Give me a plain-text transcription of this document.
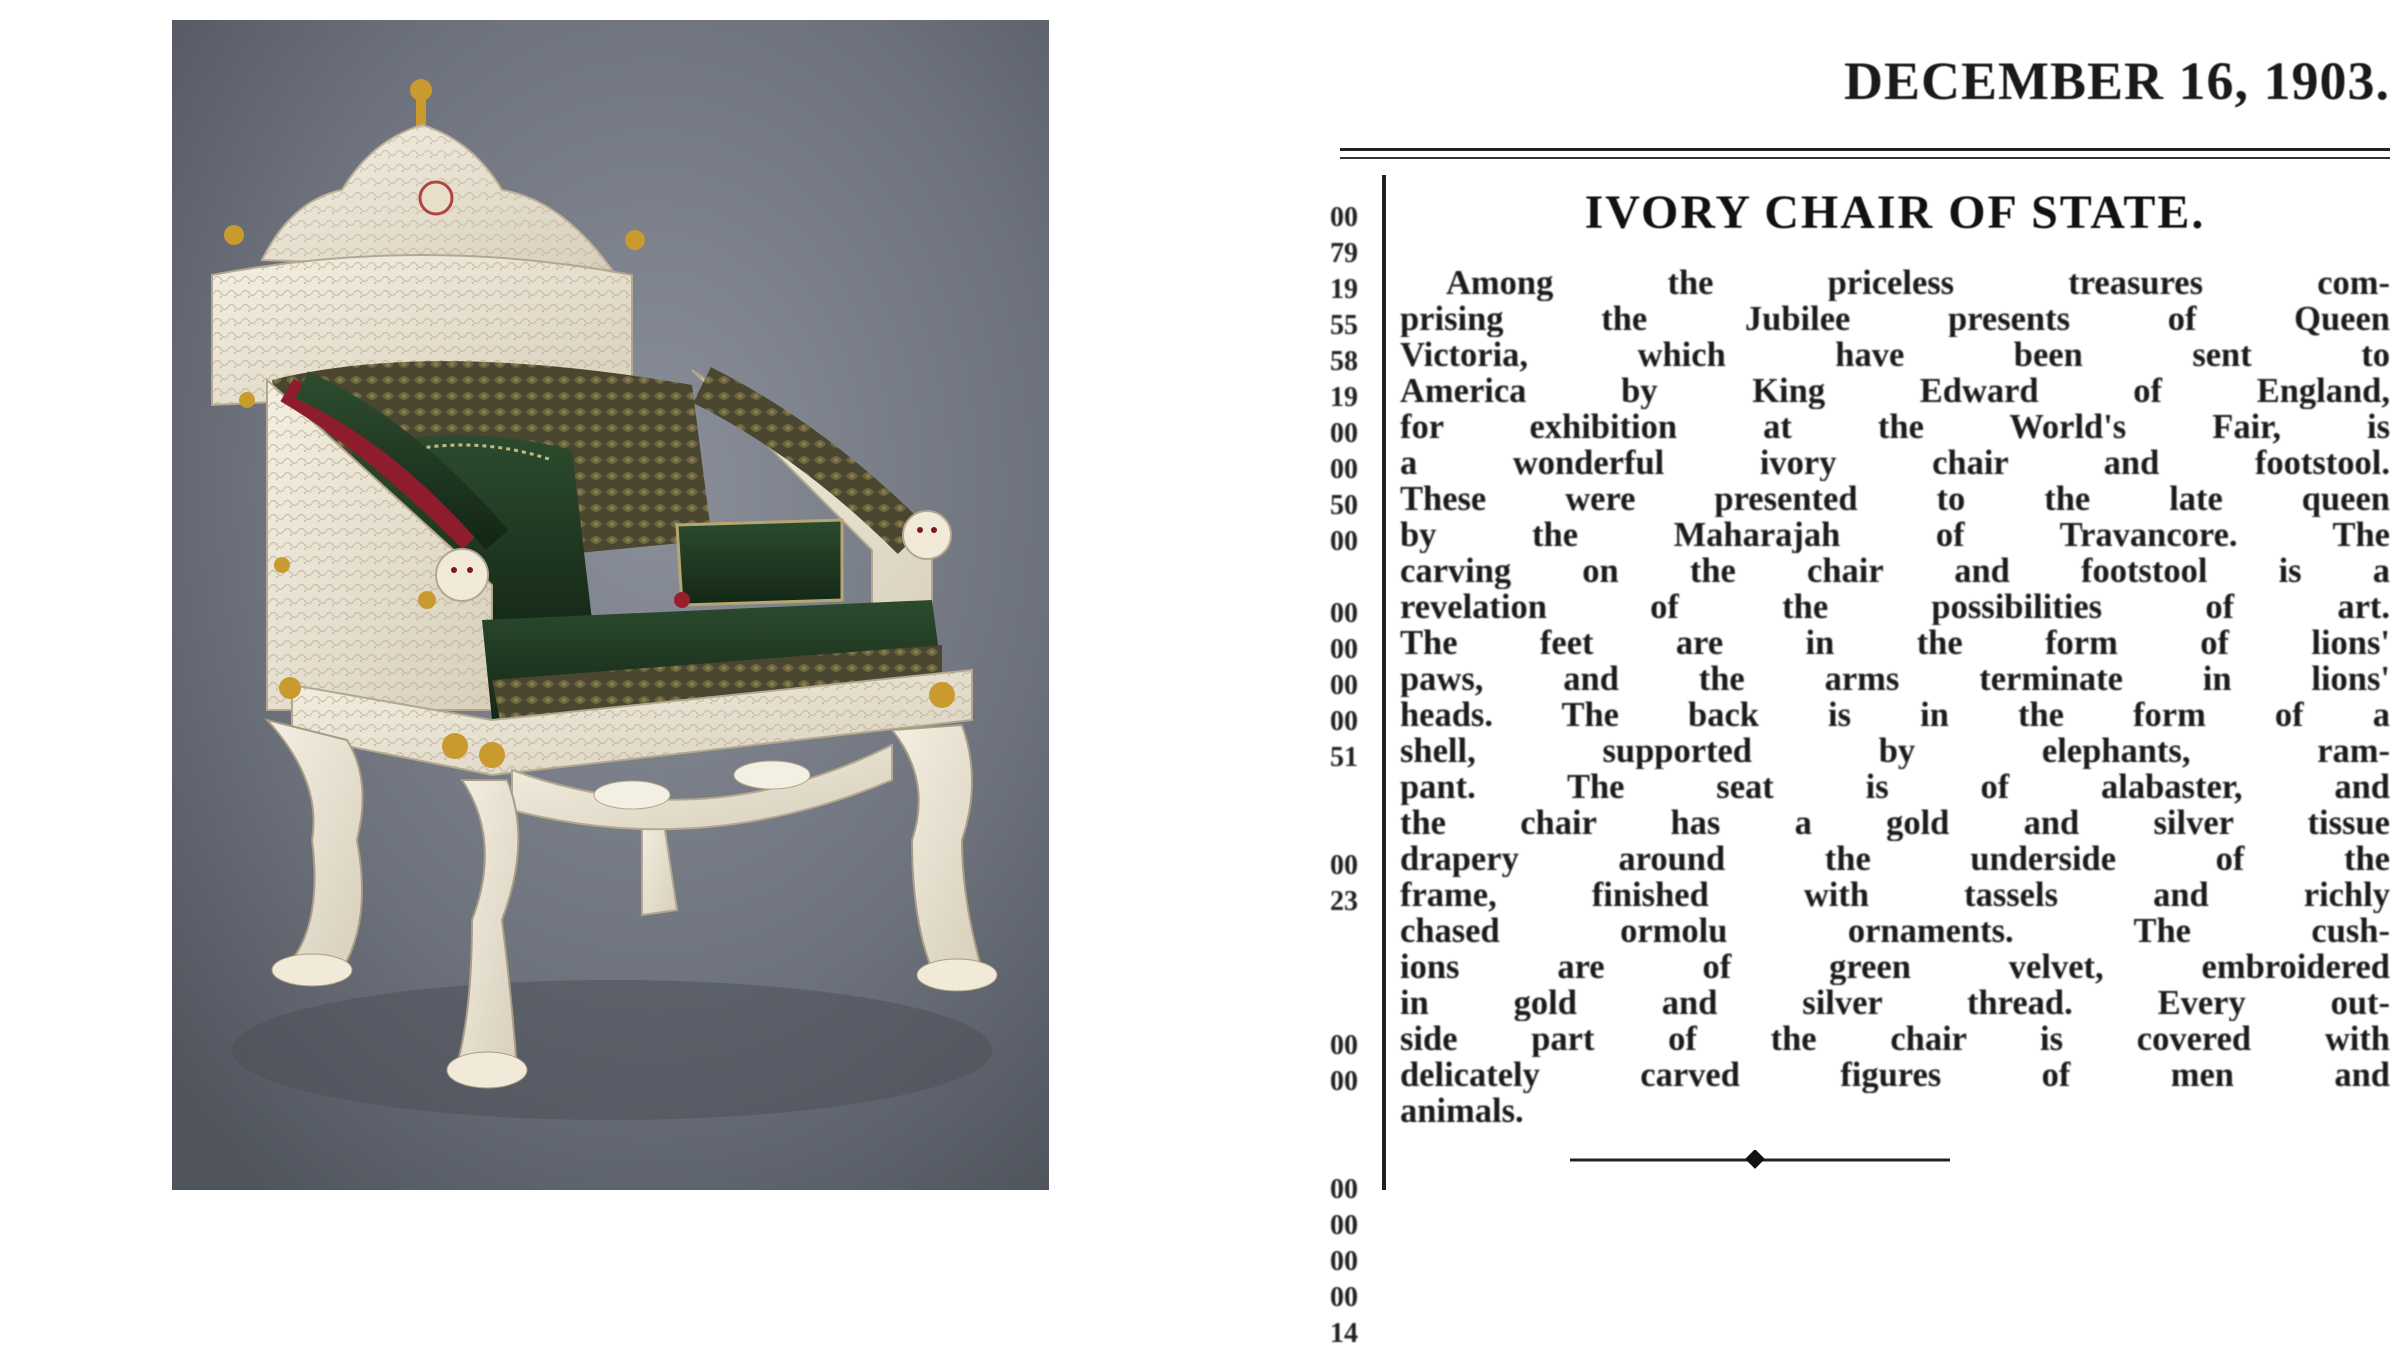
DECEMBER 16, 1903.
00
79
19
55
58
19
00
00
50
00
00
00
00
00
51
00
23
00
00
00
00
00
00
14
IVORY CHAIR OF STATE.
Among the priceless treasures com-
prising the Jubilee presents of Queen
Victoria, which have been sent to
America by King Edward of England,
for exhibition at the World's Fair, is
a wonderful ivory chair and footstool.
These were presented to the late queen
by the Maharajah of Travancore. The
carving on the chair and footstool is a
revelation of the possibilities of art.
The feet are in the form of lions'
paws, and the arms terminate in lions'
heads. The back is in the form of a
shell, supported by elephants, ram-
pant. The seat is of alabaster, and
the chair has a gold and silver tissue
drapery around the underside of the
frame, finished with tassels and richly
chased ormolu ornaments. The cush-
ions are of green velvet, embroidered
in gold and silver thread. Every out-
side part of the chair is covered with
delicately carved figures of men and
animals.
